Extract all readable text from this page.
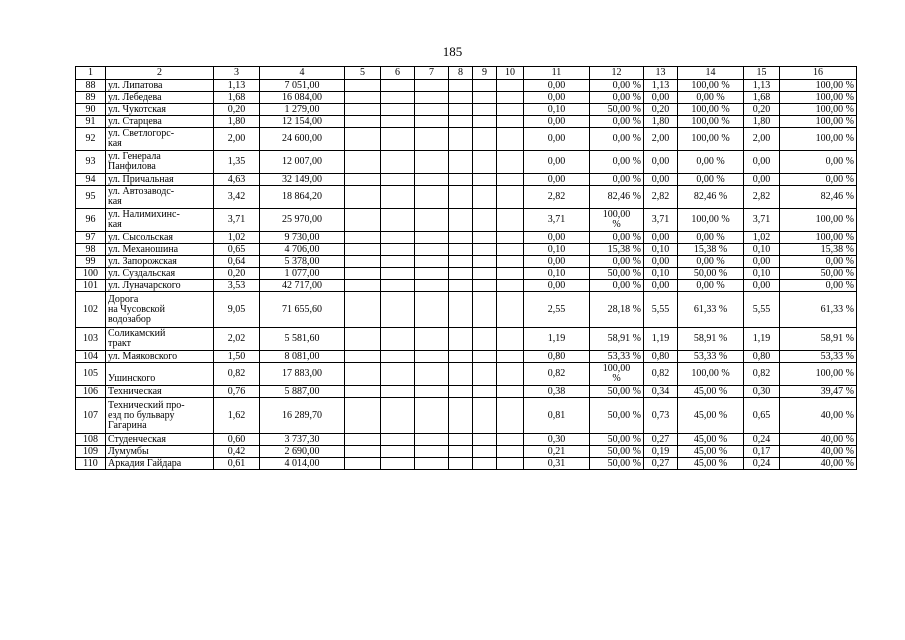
185
1	2	3	4	5	6	7	8	9	10	11	12	13	14	15	16
88	ул. Липатова	1,13	7 051,00							0,00	0,00 %	1,13	100,00 %	1,13	100,00 %
89	ул. Лебедева	1,68	16 084,00							0,00	0,00 %	0,00	0,00 %	1,68	100,00 %
90	ул. Чукотская	0,20	1 279,00							0,10	50,00 %	0,20	100,00 %	0,20	100,00 %
91	ул. Старцева	1,80	12 154,00							0,00	0,00 %	1,80	100,00 %	1,80	100,00 %
92	ул. Светлогорс-
кая	2,00	24 600,00							0,00	0,00 %	2,00	100,00 %	2,00	100,00 %
93	ул. Генерала
Панфилова	1,35	12 007,00							0,00	0,00 %	0,00	0,00 %	0,00	0,00 %
94	ул. Причальная	4,63	32 149,00							0,00	0,00 %	0,00	0,00 %	0,00	0,00 %
95	ул. Автозаводс-
кая	3,42	18 864,20							2,82	82,46 %	2,82	82,46 %	2,82	82,46 %
96	ул. Налимихинс-
кая	3,71	25 970,00							3,71	100,00
%	3,71	100,00 %	3,71	100,00 %
97	ул. Сысольская	1,02	9 730,00							0,00	0,00 %	0,00	0,00 %	1,02	100,00 %
98	ул. Механошина	0,65	4 706,00							0,10	15,38 %	0,10	15,38 %	0,10	15,38 %
99	ул. Запорожская	0,64	5 378,00							0,00	0,00 %	0,00	0,00 %	0,00	0,00 %
100	ул. Суздальская	0,20	1 077,00							0,10	50,00 %	0,10	50,00 %	0,10	50,00 %
101	ул. Луначарского	3,53	42 717,00							0,00	0,00 %	0,00	0,00 %	0,00	0,00 %
102	Дорога
на Чусовской
водозабор	9,05	71 655,60							2,55	28,18 %	5,55	61,33 %	5,55	61,33 %
103	Соликамский
тракт	2,02	5 581,60							1,19	58,91 %	1,19	58,91 %	1,19	58,91 %
104	ул. Маяковского	1,50	8 081,00							0,80	53,33 %	0,80	53,33 %	0,80	53,33 %
105	
Ушинского	0,82	17 883,00							0,82	100,00
%	0,82	100,00 %	0,82	100,00 %
106	Техническая	0,76	5 887,00							0,38	50,00 %	0,34	45,00 %	0,30	39,47 %
107	Технический про-
езд по бульвару
Гагарина	1,62	16 289,70							0,81	50,00 %	0,73	45,00 %	0,65	40,00 %
108	Студенческая	0,60	3 737,30							0,30	50,00 %	0,27	45,00 %	0,24	40,00 %
109	Лумумбы	0,42	2 690,00							0,21	50,00 %	0,19	45,00 %	0,17	40,00 %
110	Аркадия Гайдара	0,61	4 014,00							0,31	50,00 %	0,27	45,00 %	0,24	40,00 %
